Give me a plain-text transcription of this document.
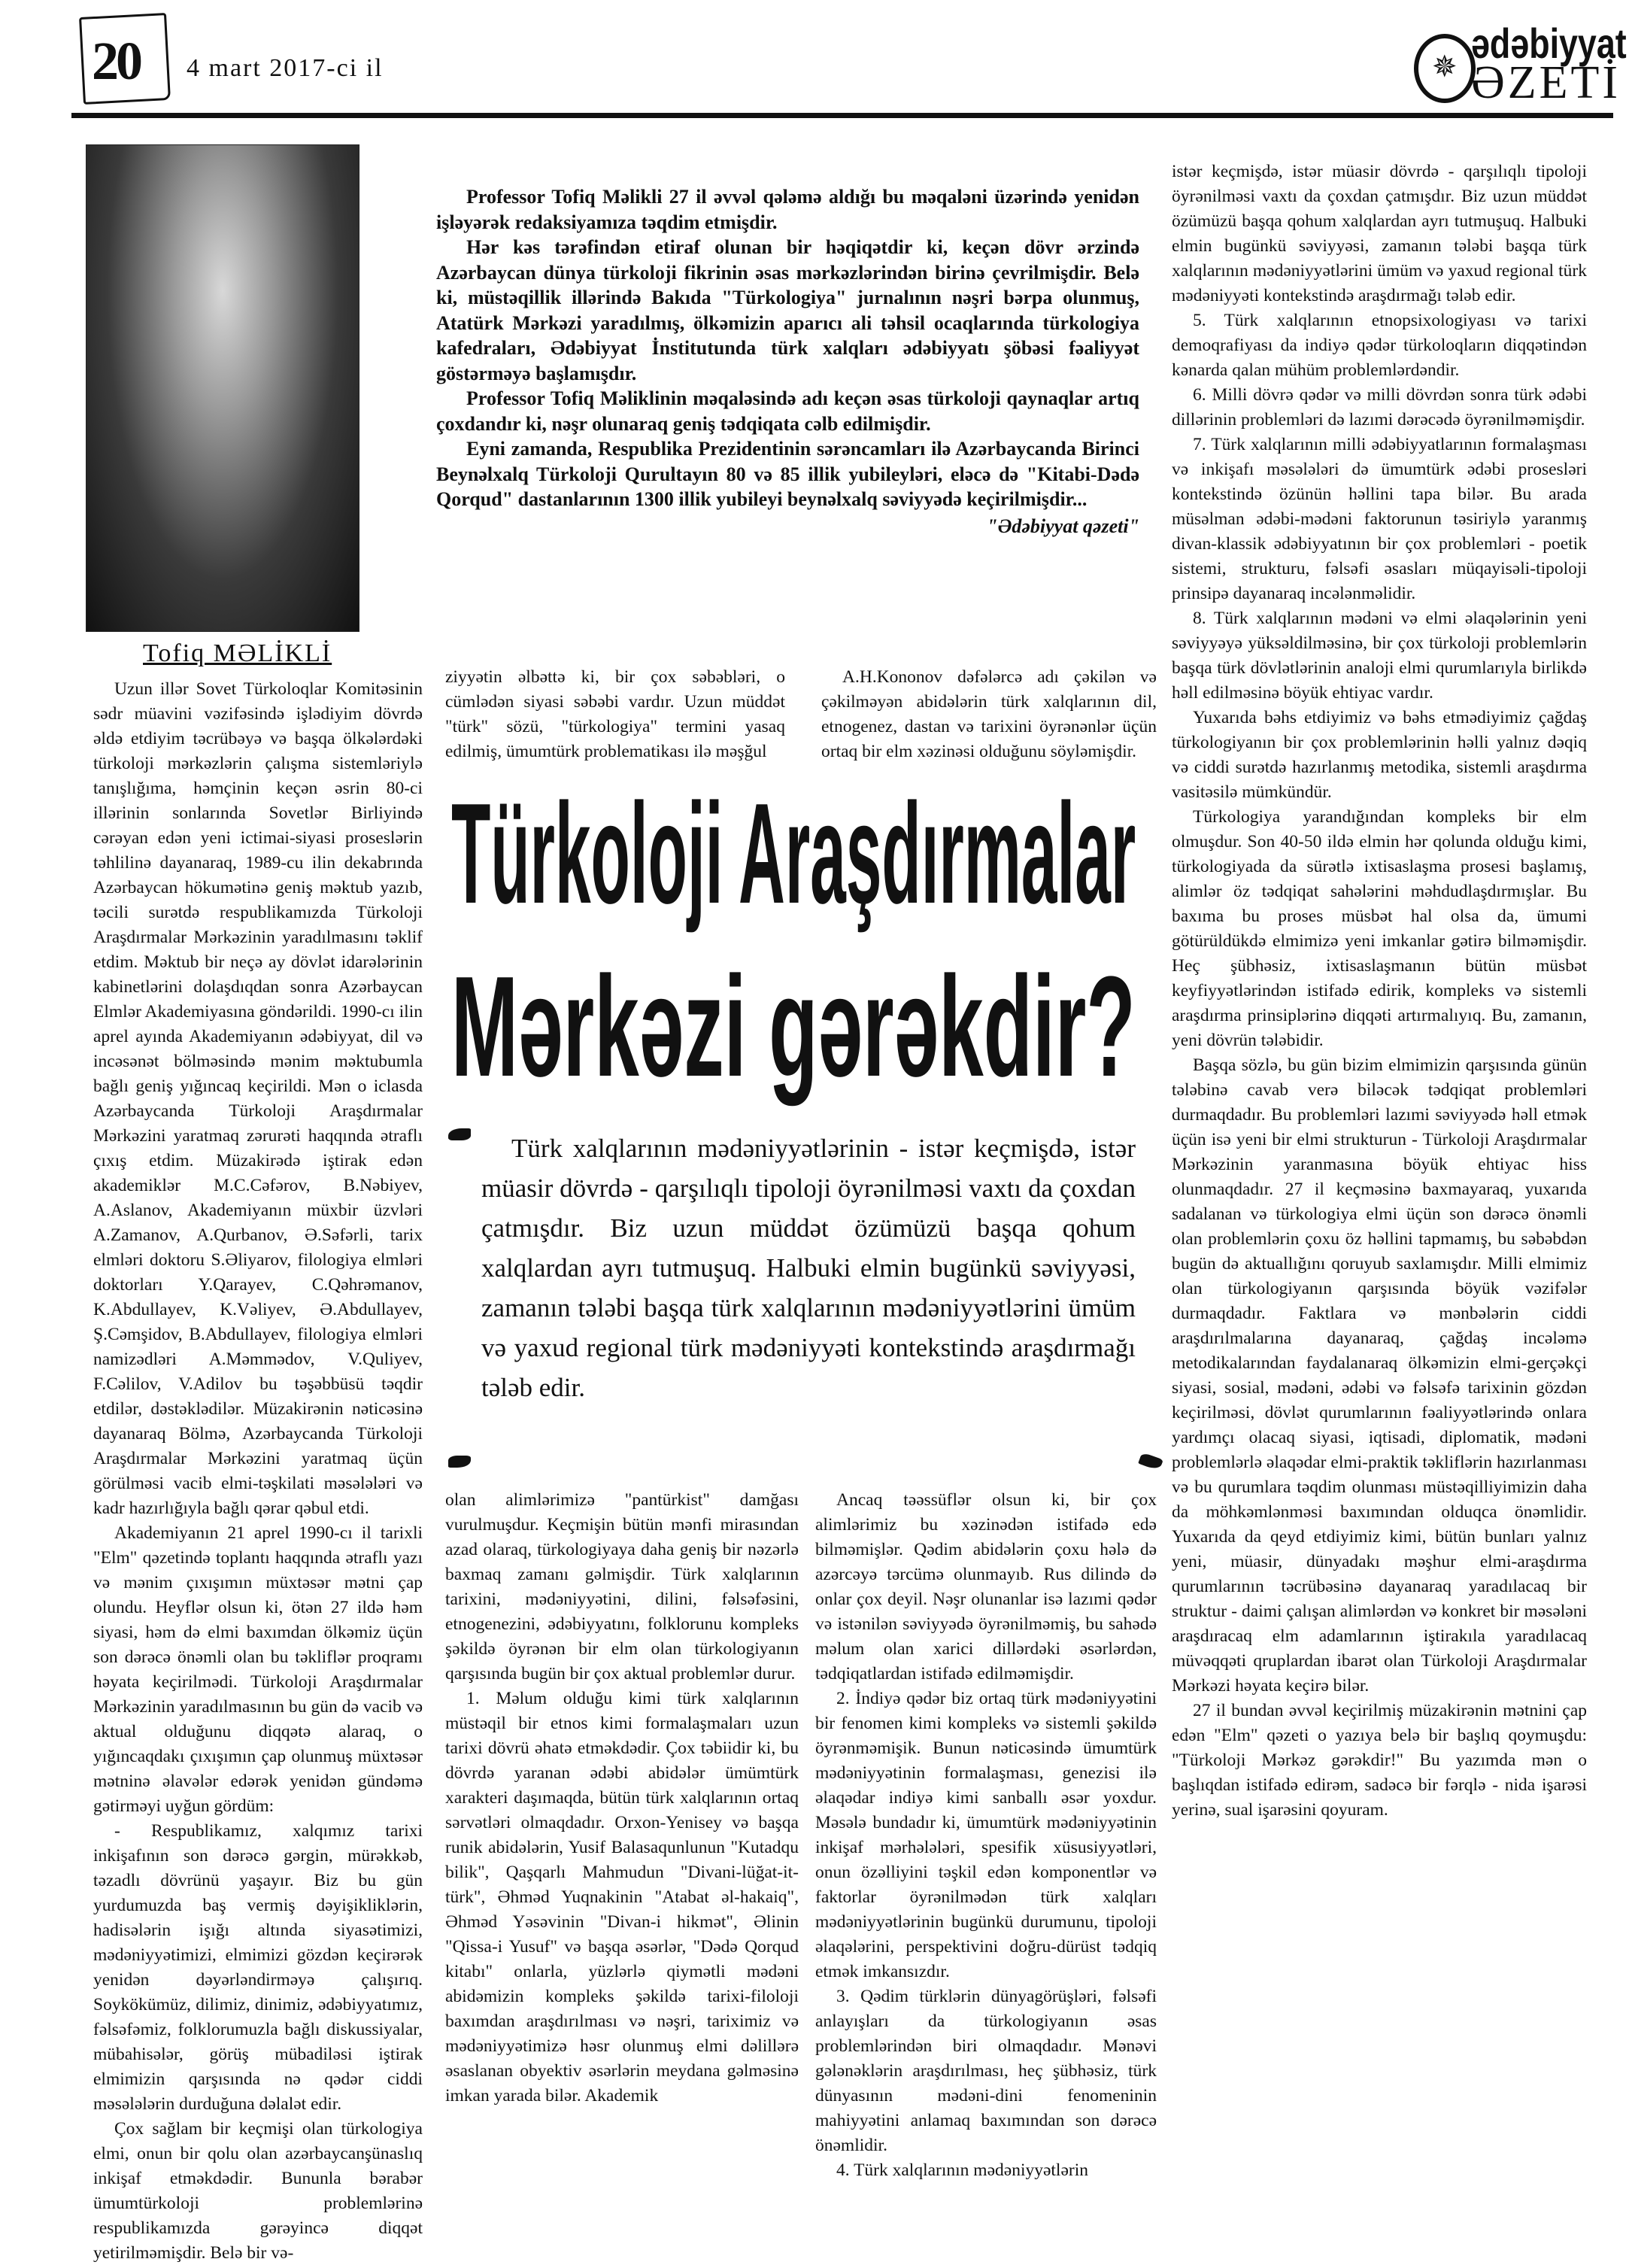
20 4 mart 2017-ci il	✵ ədəbiyyat
ƏZETİ
Tofiq MƏLİKLİ

Professor Tofiq Məlikli 27 il əvvəl qələmə aldığı bu məqaləni üzərində yenidən işləyərək redaksiyamıza təqdim etmişdir.

Hər kəs tərəfindən etiraf olunan bir həqiqətdir ki, keçən dövr ərzində Azərbaycan dünya türkoloji fikrinin əsas mərkəzlərindən birinə çevrilmişdir. Belə ki, müstəqillik illərində Bakıda "Türkologiya" jurnalının nəşri bərpa olunmuş, Atatürk Mərkəzi yaradılmış, ölkəmizin aparıcı ali təhsil ocaqlarında türkologiya kafedraları, Ədəbiyyat İnstitutunda türk xalqları ədəbiyyatı şöbəsi fəaliyyət göstərməyə başlamışdır.

Professor Tofiq Məliklinin məqaləsində adı keçən əsas türkoloji qaynaqlar artıq çoxdandır ki, nəşr olunaraq geniş tədqiqata cəlb edilmişdir.

Eyni zamanda, Respublika Prezidentinin sərəncamları ilə Azərbaycanda Birinci Beynəlxalq Türkoloji Qurultayın 80 və 85 illik yubileyləri, eləcə də "Kitabi-Dədə Qorqud" dastanlarının 1300 illik yubileyi beynəlxalq səviyyədə keçirilmişdir...

"Ədəbiyyat qəzeti"

Uzun illər Sovet Türkoloqlar Komitəsinin sədr müavini vəzifəsində işlədiyim dövrdə əldə etdiyim təcrübəyə və başqa ölkələrdəki türkoloji mərkəzlərin çalışma sistemləriylə tanışlığıma, həmçinin keçən əsrin 80-ci illərinin sonlarında Sovetlər Birliyində cərəyan edən yeni ictimai-siyasi proseslərin təhlilinə dayanaraq, 1989-cu ilin dekabrında Azərbaycan hökumətinə geniş məktub yazıb, təcili surətdə respublikamızda Türkoloji Araşdırmalar Mərkəzinin yaradılmasını təklif etdim. Məktub bir neçə ay dövlət idarələrinin kabinetlərini dolaşdıqdan sonra Azərbaycan Elmlər Akademiyasına göndərildi. 1990-cı ilin aprel ayında Akademiyanın ədəbiyyat, dil və incəsənət bölməsində mənim məktubumla bağlı geniş yığıncaq keçirildi. Mən o iclasda Azərbaycanda Türkoloji Araşdırmalar Mərkəzini yaratmaq zərurəti haqqında ətraflı çıxış etdim. Müzakirədə iştirak edən akademiklər M.C.Cəfərov, B.Nəbiyev, A.Aslanov, Akademiyanın müxbir üzvləri A.Zamanov, A.Qurbanov, Ə.Səfərli, tarix elmləri doktoru S.Əliyarov, filologiya elmləri doktorları Y.Qarayev, C.Qəhrəmanov, K.Abdullayev, K.Vəliyev, Ə.Abdullayev, Ş.Cəmşidov, B.Abdullayev, filologiya elmləri namizədləri A.Məmmədov, V.Quliyev, F.Cəlilov, V.Adilov bu təşəbbüsü təqdir etdilər, dəstəklədilər. Müzakirənin nəticəsinə dayanaraq Bölmə, Azərbaycanda Türkoloji Araşdırmalar Mərkəzini yaratmaq üçün görülməsi vacib elmi-təşkilati məsələləri və kadr hazırlığıyla bağlı qərar qəbul etdi.

Akademiyanın 21 aprel 1990-cı il tarixli "Elm" qəzetində toplantı haqqında ətraflı yazı və mənim çıxışımın müxtəsər mətni çap olundu. Heyflər olsun ki, ötən 27 ildə həm siyasi, həm də elmi baxımdan ölkəmiz üçün son dərəcə önəmli olan bu təkliflər proqramı həyata keçirilmədi. Türkoloji Araşdırmalar Mərkəzinin yaradılmasının bu gün də vacib və aktual olduğunu diqqətə alaraq, o yığıncaqdakı çıxışımın çap olunmuş müxtəsər mətninə əlavələr edərək yenidən gündəmə gətirməyi uyğun gördüm:

- Respublikamız, xalqımız tarixi inkişafının son dərəcə gərgin, mürəkkəb, təzadlı dövrünü yaşayır. Biz bu gün yurdumuzda baş vermiş dəyişikliklərin, hadisələrin işığı altında siyasətimizi, mədəniyyətimizi, elmimizi gözdən keçirərək yenidən dəyərləndirməyə çalışırıq. Soykökümüz, dilimiz, dinimiz, ədəbiyyatımız, fəlsəfəmiz, folklorumuzla bağlı diskussiyalar, mübahisələr, görüş mübadiləsi iştirak elmimizin qarşısında nə qədər ciddi məsələlərin durduğuna dəlalət edir.

Çox sağlam bir keçmişi olan türkologiya elmi, onun bir qolu olan azərbaycanşünaslıq inkişaf etməkdədir. Bununla bərabər ümumtürkoloji problemlərinə respublikamızda gərəyincə diqqət yetirilməmişdir. Belə bir və-

ziyyətin əlbəttə ki, bir çox səbəbləri, o cümlədən siyasi səbəbi vardır. Uzun müddət "türk" sözü, "türkologiya" termini yasaq edilmiş, ümumtürk problematikası ilə məşğul

A.H.Kononov dəfələrcə adı çəkilən və çəkilməyən abidələrin türk xalqlarının dil, etnogenez, dastan və tarixini öyrənənlər üçün ortaq bir elm xəzinəsi olduğunu söyləmişdir.

Türkoloji Araşdırmalar
Mərkəzi gərəkdir?

Türk xalqlarının mədəniyyətlərinin - istər keçmişdə, istər müasir dövrdə - qarşılıqlı tipoloji öyrənilməsi vaxtı da çoxdan çatmışdır. Biz uzun müddət özümüzü başqa qohum xalqlardan ayrı tutmuşuq. Halbuki elmin bugünkü səviyyəsi, zamanın tələbi başqa türk xalqlarının mədəniyyətlərini ümüm və yaxud regional türk mədəniyyəti kontekstində araşdırmağı tələb edir.

olan alimlərimizə "pantürkist" damğası vurulmuşdur. Keçmişin bütün mənfi mirasından azad olaraq, türkologiyaya daha geniş bir nəzərlə baxmaq zamanı gəlmişdir. Türk xalqlarının tarixini, mədəniyyətini, dilini, fəlsəfəsini, etnogenezini, ədəbiyyatını, folklorunu kompleks şəkildə öyrənən bir elm olan türkologiyanın qarşısında bugün bir çox aktual problemlər durur.

1. Məlum olduğu kimi türk xalqlarının müstəqil bir etnos kimi formalaşmaları uzun tarixi dövrü əhatə etməkdədir. Çox təbiidir ki, bu dövrdə yaranan ədəbi abidələr ümümtürk xarakteri daşımaqda, bütün türk xalqlarının ortaq sərvətləri olmaqdadır. Orxon-Yenisey və başqa runik abidələrin, Yusif Balasaqunlunun "Kutadqu bilik", Qaşqarlı Mahmudun "Divani-lüğat-it-türk", Əhməd Yuqnakinin "Atabat əl-hakaiq", Əhməd Yəsəvinin "Divan-i hikmət", Əlinin "Qissa-i Yusuf" və başqa əsərlər, "Dədə Qorqud kitabı" onlarla, yüzlərlə qiymətli mədəni abidəmizin kompleks şəkildə tarixi-filoloji baxımdan araşdırılması və nəşri, tariximiz və mədəniyyətimizə həsr olunmuş elmi dəlillərə əsaslanan obyektiv əsərlərin meydana gəlməsinə imkan yarada bilər. Akademik

Ancaq təəssüflər olsun ki, bir çox alimlərimiz bu xəzinədən istifadə edə bilməmişlər. Qədim abidələrin çoxu hələ də azərcəyə tərcümə olunmayıb. Rus dilində də onlar çox deyil. Nəşr olunanlar isə lazımi qədər və istənilən səviyyədə öyrənilməmiş, bu sahədə məlum olan xarici dillərdəki əsərlərdən, tədqiqatlardan istifadə edilməmişdir.

2. İndiyə qədər biz ortaq türk mədəniyyətini bir fenomen kimi kompleks və sistemli şəkildə öyrənməmişik. Bunun nəticəsində ümumtürk mədəniyyətinin formalaşması, genezisi ilə əlaqədar indiyə kimi sanballı əsər yoxdur. Məsələ bundadır ki, ümumtürk mədəniyyətinin inkişaf mərhələləri, spesifik xüsusiyyətləri, onun özəlliyini təşkil edən komponentlər və faktorlar öyrənilmədən türk xalqları mədəniyyətlərinin bugünkü durumunu, tipoloji əlaqələrini, perspektivini doğru-dürüst tədqiq etmək imkansızdır.

3. Qədim türklərin dünyagörüşləri, fəlsəfi anlayışları da türkologiyanın əsas problemlərindən biri olmaqdadır. Mənəvi gələnəklərin araşdırılması, heç şübhəsiz, türk dünyasının mədəni-dini fenomeninin mahiyyətini anlamaq baxımından son dərəcə önəmlidir.

4. Türk xalqlarının mədəniyyətlərin

istər keçmişdə, istər müasir dövrdə - qarşılıqlı tipoloji öyrənilməsi vaxtı da çoxdan çatmışdır. Biz uzun müddət özümüzü başqa qohum xalqlardan ayrı tutmuşuq. Halbuki elmin bugünkü səviyyəsi, zamanın tələbi başqa türk xalqlarının mədəniyyətlərini ümüm və yaxud regional türk mədəniyyəti kontekstində araşdırmağı tələb edir.

5. Türk xalqlarının etnopsixologiyası və tarixi demoqrafiyası da indiyə qədər türkoloqların diqqətindən kənarda qalan mühüm problemlərdəndir.

6. Milli dövrə qədər və milli dövrdən sonra türk ədəbi dillərinin problemləri də lazımi dərəcədə öyrənilməmişdir.

7. Türk xalqlarının milli ədəbiyyatlarının formalaşması və inkişafı məsələləri də ümumtürk ədəbi prosesləri kontekstində özünün həllini tapa bilər. Bu arada müsəlman ədəbi-mədəni faktorunun təsiriylə yaranmış divan-klassik ədəbiyyatının bir çox problemləri - poetik sistemi, strukturu, fəlsəfi əsasları müqayisəli-tipoloji prinsipə dayanaraq incələnməlidir.

8. Türk xalqlarının mədəni və elmi əlaqələrinin yeni səviyyəyə yüksəldilməsinə, bir çox türkoloji problemlərin başqa türk dövlətlərinin analoji elmi qurumlarıyla birlikdə həll edilməsinə böyük ehtiyac vardır.

Yuxarıda bəhs etdiyimiz və bəhs etmədiyimiz çağdaş türkologiyanın bir çox problemlərinin həlli yalnız dəqiq və ciddi surətdə hazırlanmış metodika, sistemli araşdırma vasitəsilə mümkündür.

Türkologiya yarandığından kompleks bir elm olmuşdur. Son 40-50 ildə elmin hər qolunda olduğu kimi, türkologiyada da sürətlə ixtisaslaşma prosesi başlamış, alimlər öz tədqiqat sahələrini məhdudlaşdırmışlar. Bu baxıma bu proses müsbət hal olsa da, ümumi götürüldükdə elmimizə yeni imkanlar gətirə bilməmişdir. Heç şübhəsiz, ixtisaslaşmanın bütün müsbət keyfiyyətlərindən istifadə edirik, kompleks və sistemli araşdırma prinsiplərinə diqqəti artırmalıyıq. Bu, zamanın, yeni dövrün tələbidir.

Başqa sözlə, bu gün bizim elmimizin qarşısında günün tələbinə cavab verə biləcək tədqiqat problemləri durmaqdadır. Bu problemləri lazımi səviyyədə həll etmək üçün isə yeni bir elmi strukturun - Türkoloji Araşdırmalar Mərkəzinin yaranmasına böyük ehtiyac hiss olunmaqdadır. 27 il keçməsinə baxmayaraq, yuxarıda sadalanan və türkologiya elmi üçün son dərəcə önəmli olan problemlərin çoxu öz həllini tapmamış, bu səbəbdən bugün də aktuallığını qoruyub saxlamışdır. Milli elmimiz olan türkologiyanın qarşısında böyük vəzifələr durmaqdadır. Faktlara və mənbələrin ciddi araşdırılmalarına dayanaraq, çağdaş incələmə metodikalarından faydalanaraq ölkəmizin elmi-gerçəkçi siyasi, sosial, mədəni, ədəbi və fəlsəfə tarixinin gözdən keçirilməsi, dövlət qurumlarının fəaliyyətlərində onlara yardımçı olacaq siyasi, iqtisadi, diplomatik, mədəni problemlərlə əlaqədar elmi-praktik təkliflərin hazırlanması və bu qurumlara təqdim olunması müstəqilliyimizin daha da möhkəmlənməsi baxımından olduqca önəmlidir. Yuxarıda da qeyd etdiyimiz kimi, bütün bunları yalnız yeni, müasir, dünyadakı məşhur elmi-araşdırma qurumlarının təcrübəsinə dayanaraq yaradılacaq bir struktur - daimi çalışan alimlərdən və konkret bir məsələni araşdıracaq elm adamlarının iştirakıla yaradılacaq müvəqqəti qruplardan ibarət olan Türkoloji Araşdırmalar Mərkəzi həyata keçirə bilər.

27 il bundan əvvəl keçirilmiş müzakirənin mətnini çap edən "Elm" qəzeti o yazıya belə bir başlıq qoymuşdu: "Türkoloji Mərkəz gərəkdir!" Bu yazımda mən o başlıqdan istifadə edirəm, sadəcə bir fərqlə - nida işarəsi yerinə, sual işarəsini qoyuram.
